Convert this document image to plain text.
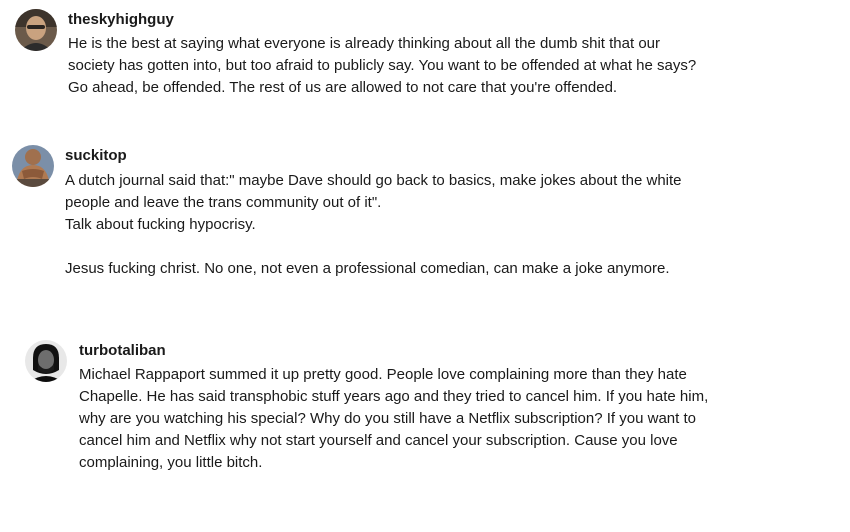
theskyhighguy
He is the best at saying what everyone is already thinking about all the dumb shit that our
society has gotten into, but too afraid to publicly say. You want to be offended at what he says?
Go ahead, be offended. The rest of us are allowed to not care that you're offended.
suckitop
A dutch journal said that:" maybe Dave should go back to basics, make jokes about the white
people and leave the trans community out of it".
Talk about fucking hypocrisy.
Jesus fucking christ. No one, not even a professional comedian, can make a joke anymore.
turbotaliban
Michael Rappaport summed it up pretty good. People love complaining more than they hate
Chapelle. He has said transphobic stuff years ago and they tried to cancel him. If you hate him,
why are you watching his special? Why do you still have a Netflix subscription? If you want to
cancel him and Netflix why not start yourself and cancel your subscription. Cause you love
complaining, you little bitch.
